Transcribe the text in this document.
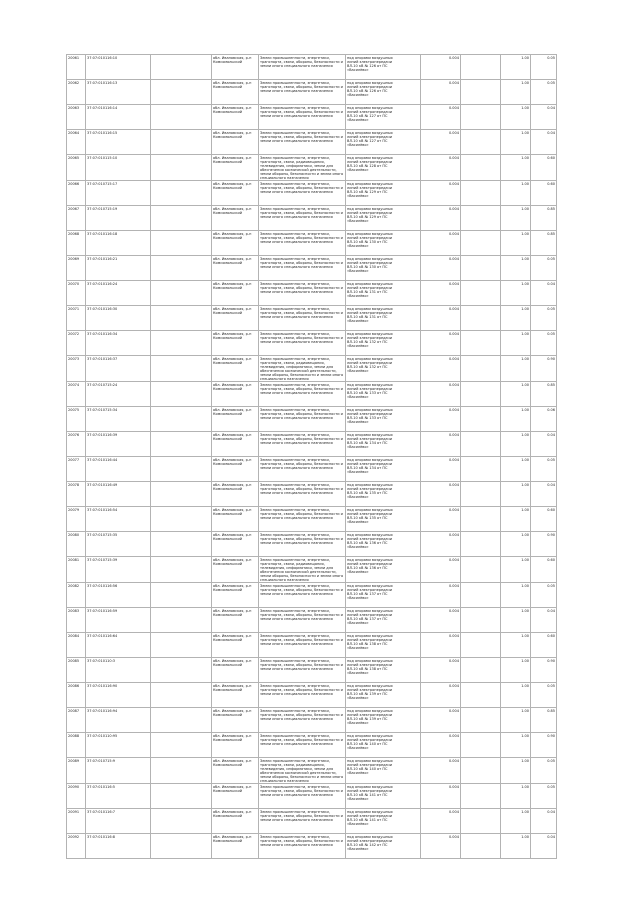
20061	37:07:010116:10		обл. Ивановская, р-н Комсомольский	Земли промышленности, энергетики, транспорта, связи, обороны, безопасности и земли иного специального назначения	под опорами воздушных линий электропередачи ВЛ-10 кВ № 126 от ПС «Василёво»	0.004		1.00	0.05

20062	37:07:010116:13		обл. Ивановская, р-н Комсомольский	Земли промышленности, энергетики, транспорта, связи, обороны, безопасности и земли иного специального назначения	под опорами воздушных линий электропередачи ВЛ-10 кВ № 126 от ПС «Василёво»	0.004		1.00	0.05

20063	37:07:010116:14		обл. Ивановская, р-н Комсомольский	Земли промышленности, энергетики, транспорта, связи, обороны, безопасности и земли иного специального назначения	под опорами воздушных линий электропередачи ВЛ-10 кВ № 127 от ПС «Василёво»	0.004		1.00	0.04

20064	37:07:010116:15		обл. Ивановская, р-н Комсомольский	Земли промышленности, энергетики, транспорта, связи, обороны, безопасности и земли иного специального назначения	под опорами воздушных линий электропередачи ВЛ-10 кВ № 127 от ПС «Василёво»	0.004		1.00	0.04

20065	37:07:010115:10		обл. Ивановская, р-н Комсомольский	Земли промышленности, энергетики, транспорта, связи, радиовещания, телевидения, информатики, земли для обеспечения космической деятельности, земли обороны, безопасности и земли иного специального назначения	под опорами воздушных линий электропередачи ВЛ-10 кВ № 128 от ПС «Василёво»	0.004		1.00	0.60

20066	37:07:010715:17		обл. Ивановская, р-н Комсомольский	Земли промышленности, энергетики, транспорта, связи, обороны, безопасности и земли иного специального назначения	под опорами воздушных линий электропередачи ВЛ-10 кВ № 129 от ПС «Василёво»	0.004		1.00	0.60

20067	37:07:010715:19		обл. Ивановская, р-н Комсомольский	Земли промышленности, энергетики, транспорта, связи, обороны, безопасности и земли иного специального назначения	под опорами воздушных линий электропередачи ВЛ-10 кВ № 129 от ПС «Василёво»	0.004		1.00	0.85

20068	37:07:010116:18		обл. Ивановская, р-н Комсомольский	Земли промышленности, энергетики, транспорта, связи, обороны, безопасности и земли иного специального назначения	под опорами воздушных линий электропередачи ВЛ-10 кВ № 130 от ПС «Василёво»	0.004		1.00	0.85

20069	37:07:010116:21		обл. Ивановская, р-н Комсомольский	Земли промышленности, энергетики, транспорта, связи, обороны, безопасности и земли иного специального назначения	под опорами воздушных линий электропередачи ВЛ-10 кВ № 130 от ПС «Василёво»	0.004		1.00	0.05

20070	37:07:010116:24		обл. Ивановская, р-н Комсомольский	Земли промышленности, энергетики, транспорта, связи, обороны, безопасности и земли иного специального назначения	под опорами воздушных линий электропередачи ВЛ-10 кВ № 131 от ПС «Василёво»	0.004		1.00	0.04

20071	37:07:010116:30		обл. Ивановская, р-н Комсомольский	Земли промышленности, энергетики, транспорта, связи, обороны, безопасности и земли иного специального назначения	под опорами воздушных линий электропередачи ВЛ-10 кВ № 131 от ПС «Василёво»	0.004		1.00	0.05

20072	37:07:010116:34		обл. Ивановская, р-н Комсомольский	Земли промышленности, энергетики, транспорта, связи, обороны, безопасности и земли иного специального назначения	под опорами воздушных линий электропередачи ВЛ-10 кВ № 132 от ПС «Василёво»	0.004		1.00	0.05

20073	37:07:010116:37		обл. Ивановская, р-н Комсомольский	Земли промышленности, энергетики, транспорта, связи, радиовещания, телевидения, информатики, земли для обеспечения космической деятельности, земли обороны, безопасности и земли иного специального назначения	под опорами воздушных линий электропередачи ВЛ-10 кВ № 132 от ПС «Василёво»	0.004		1.00	0.90

20074	37:07:010715:24		обл. Ивановская, р-н Комсомольский	Земли промышленности, энергетики, транспорта, связи, обороны, безопасности и земли иного специального назначения	под опорами воздушных линий электропередачи ВЛ-10 кВ № 133 от ПС «Василёво»	0.004		1.00	0.85

20075	37:07:010715:34		обл. Ивановская, р-н Комсомольский	Земли промышленности, энергетики, транспорта, связи, обороны, безопасности и земли иного специального назначения	под опорами воздушных линий электропередачи ВЛ-10 кВ № 133 от ПС «Василёво»	0.004		1.00	0.06

20076	37:07:010116:39		обл. Ивановская, р-н Комсомольский	Земли промышленности, энергетики, транспорта, связи, обороны, безопасности и земли иного специального назначения	под опорами воздушных линий электропередачи ВЛ-10 кВ № 134 от ПС «Василёво»	0.004		1.00	0.04

20077	37:07:010116:44		обл. Ивановская, р-н Комсомольский	Земли промышленности, энергетики, транспорта, связи, обороны, безопасности и земли иного специального назначения	под опорами воздушных линий электропередачи ВЛ-10 кВ № 134 от ПС «Василёво»	0.004		1.00	0.05

20078	37:07:010116:49		обл. Ивановская, р-н Комсомольский	Земли промышленности, энергетики, транспорта, связи, обороны, безопасности и земли иного специального назначения	под опорами воздушных линий электропередачи ВЛ-10 кВ № 135 от ПС «Василёво»	0.004		1.00	0.04

20079	37:07:010116:54		обл. Ивановская, р-н Комсомольский	Земли промышленности, энергетики, транспорта, связи, обороны, безопасности и земли иного специального назначения	под опорами воздушных линий электропередачи ВЛ-10 кВ № 135 от ПС «Василёво»	0.004		1.00	0.60

20080	37:07:010715:35		обл. Ивановская, р-н Комсомольский	Земли промышленности, энергетики, транспорта, связи, обороны, безопасности и земли иного специального назначения	под опорами воздушных линий электропередачи ВЛ-10 кВ № 136 от ПС «Василёво»	0.004		1.00	0.90

20081	37:07:010715:39		обл. Ивановская, р-н Комсомольский	Земли промышленности, энергетики, транспорта, связи, радиовещания, телевидения, информатики, земли для обеспечения космической деятельности, земли обороны, безопасности и земли иного специального назначения	под опорами воздушных линий электропередачи ВЛ-10 кВ № 136 от ПС «Василёво»	0.004		1.00	0.60

20082	37:07:010116:56		обл. Ивановская, р-н Комсомольский	Земли промышленности, энергетики, транспорта, связи, обороны, безопасности и земли иного специального назначения	под опорами воздушных линий электропередачи ВЛ-10 кВ № 137 от ПС «Василёво»	0.004		1.00	0.05

20083	37:07:010116:59		обл. Ивановская, р-н Комсомольский	Земли промышленности, энергетики, транспорта, связи, обороны, безопасности и земли иного специального назначения	под опорами воздушных линий электропередачи ВЛ-10 кВ № 137 от ПС «Василёво»	0.004		1.00	0.04

20084	37:07:010116:64		обл. Ивановская, р-н Комсомольский	Земли промышленности, энергетики, транспорта, связи, обороны, безопасности и земли иного специального назначения	под опорами воздушных линий электропередачи ВЛ-10 кВ № 138 от ПС «Василёво»	0.004		1.00	0.60

20085	37:07:010110:3		обл. Ивановская, р-н Комсомольский	Земли промышленности, энергетики, транспорта, связи, обороны, безопасности и земли иного специального назначения	под опорами воздушных линий электропередачи ВЛ-10 кВ № 138 от ПС «Василёво»	0.004		1.00	0.90

20086	37:07:010116:90		обл. Ивановская, р-н Комсомольский	Земли промышленности, энергетики, транспорта, связи, обороны, безопасности и земли иного специального назначения	под опорами воздушных линий электропередачи ВЛ-10 кВ № 139 от ПС «Василёво»	0.004		1.00	0.05

20087	37:07:010116:94		обл. Ивановская, р-н Комсомольский	Земли промышленности, энергетики, транспорта, связи, обороны, безопасности и земли иного специального назначения	под опорами воздушных линий электропередачи ВЛ-10 кВ № 139 от ПС «Василёво»	0.004		1.00	0.85

20088	37:07:010110:95		обл. Ивановская, р-н Комсомольский	Земли промышленности, энергетики, транспорта, связи, обороны, безопасности и земли иного специального назначения	под опорами воздушных линий электропередачи ВЛ-10 кВ № 140 от ПС «Василёво»	0.004		1.00	0.90

20089	37:07:010715:9		обл. Ивановская, р-н Комсомольский	Земли промышленности, энергетики, транспорта, связи, радиовещания, телевидения, информатики, земли для обеспечения космической деятельности, земли обороны, безопасности и земли иного специального назначения	под опорами воздушных линий электропередачи ВЛ-10 кВ № 140 от ПС «Василёво»	0.004		1.00	0.05

20090	37:07:010116:5		обл. Ивановская, р-н Комсомольский	Земли промышленности, энергетики, транспорта, связи, обороны, безопасности и земли иного специального назначения	под опорами воздушных линий электропередачи ВЛ-10 кВ № 141 от ПС «Василёво»	0.004		1.00	0.05

20091	37:07:010116:7		обл. Ивановская, р-н Комсомольский	Земли промышленности, энергетики, транспорта, связи, обороны, безопасности и земли иного специального назначения	под опорами воздушных линий электропередачи ВЛ-10 кВ № 141 от ПС «Василёво»	0.004		1.00	0.04

20092	37:07:010116:8		обл. Ивановская, р-н Комсомольский	Земли промышленности, энергетики, транспорта, связи, обороны, безопасности и земли иного специального назначения	под опорами воздушных линий электропередачи ВЛ-10 кВ № 142 от ПС «Василёво»	0.004		1.00	0.04
